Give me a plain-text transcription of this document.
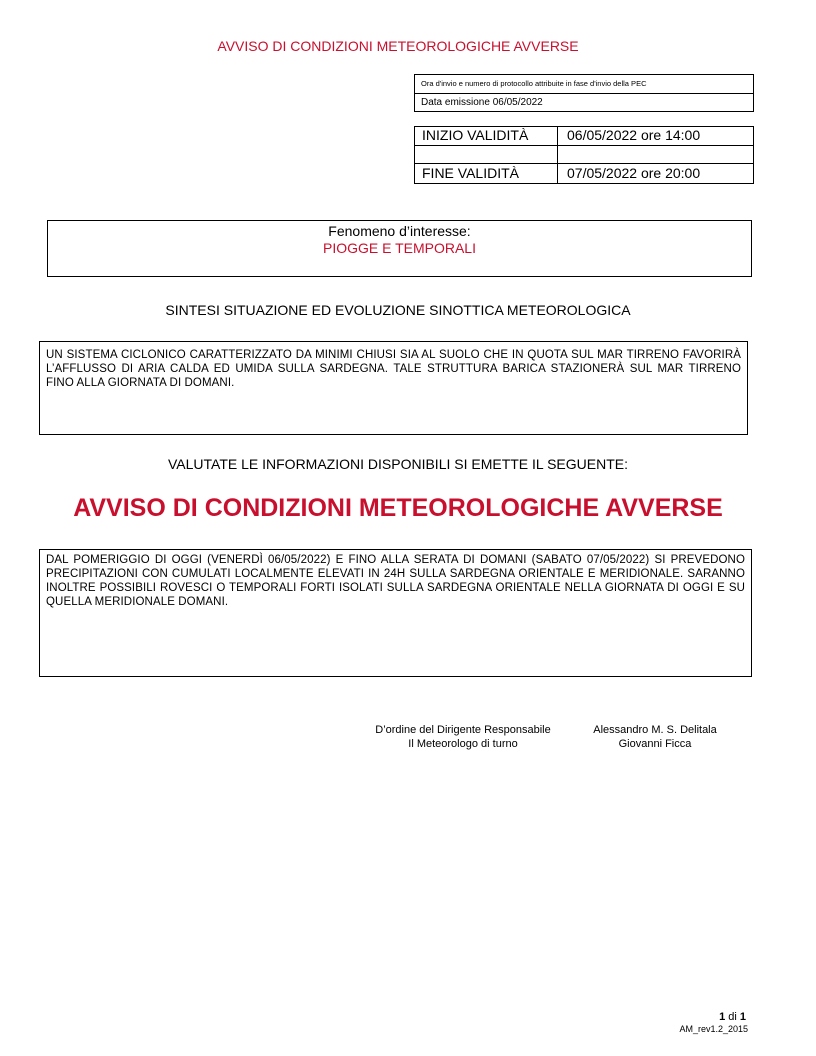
AVVISO DI CONDIZIONI METEOROLOGICHE AVVERSE
Ora d'invio e numero di protocollo attribuite in fase d'invio della PEC
Data emissione 06/05/2022
INIZIO VALIDITÀ	06/05/2022 ore 14:00
FINE VALIDITÀ	07/05/2022 ore 20:00
Fenomeno d’interesse:
PIOGGE E TEMPORALI
SINTESI SITUAZIONE ED EVOLUZIONE SINOTTICA METEOROLOGICA
UN SISTEMA CICLONICO CARATTERIZZATO DA MINIMI CHIUSI SIA AL SUOLO CHE IN QUOTA SUL MAR TIRRENO FAVORIRÀ L’AFFLUSSO DI ARIA CALDA ED UMIDA SULLA SARDEGNA. TALE STRUTTURA BARICA STAZIONERÀ SUL MAR TIRRENO FINO ALLA GIORNATA DI DOMANI.
VALUTATE LE INFORMAZIONI DISPONIBILI SI EMETTE IL SEGUENTE:
AVVISO DI CONDIZIONI METEOROLOGICHE AVVERSE
DAL POMERIGGIO DI OGGI (VENERDÌ 06/05/2022) E FINO ALLA SERATA DI DOMANI (SABATO 07/05/2022) SI PREVEDONO PRECIPITAZIONI CON CUMULATI LOCALMENTE ELEVATI IN 24H SULLA SARDEGNA ORIENTALE E MERIDIONALE. SARANNO INOLTRE POSSIBILI ROVESCI O TEMPORALI FORTI ISOLATI SULLA SARDEGNA ORIENTALE NELLA GIORNATA DI OGGI E SU QUELLA MERIDIONALE DOMANI.
D’ordine del Dirigente Responsabile
Il Meteorologo di turno
Alessandro M. S. Delitala
Giovanni Ficca
1 di 1
AM_rev1.2_2015
